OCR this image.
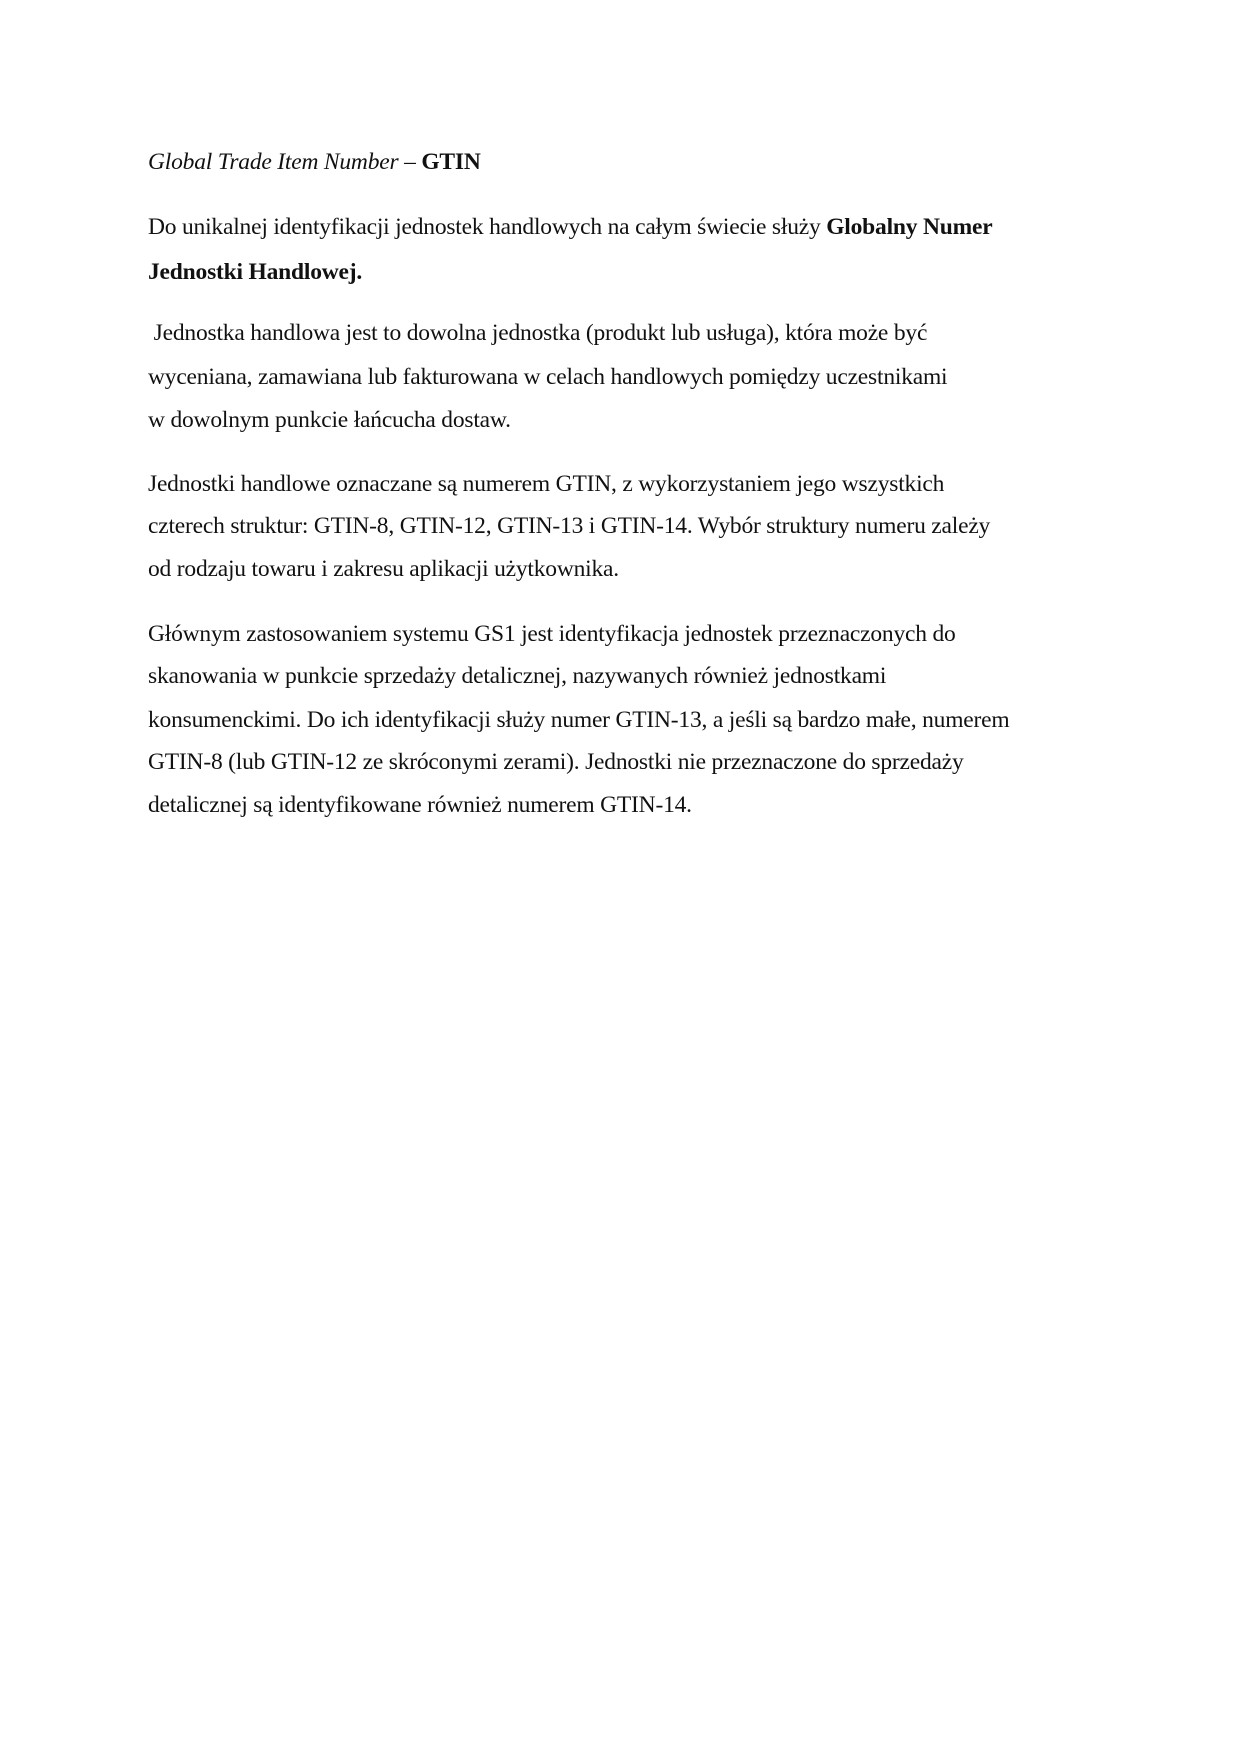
Global Trade Item Number – GTIN
Do unikalnej identyfikacji jednostek handlowych na całym świecie służy Globalny Numer
Jednostki Handlowej.
Jednostka handlowa jest to dowolna jednostka (produkt lub usługa), która może być
wyceniana, zamawiana lub fakturowana w celach handlowych pomiędzy uczestnikami
w dowolnym punkcie łańcucha dostaw.
Jednostki handlowe oznaczane są numerem GTIN, z wykorzystaniem jego wszystkich
czterech struktur: GTIN-8, GTIN-12, GTIN-13 i GTIN-14. Wybór struktury numeru zależy
od rodzaju towaru i zakresu aplikacji użytkownika.
Głównym zastosowaniem systemu GS1 jest identyfikacja jednostek przeznaczonych do
skanowania w punkcie sprzedaży detalicznej, nazywanych również jednostkami
konsumenckimi. Do ich identyfikacji służy numer GTIN-13, a jeśli są bardzo małe, numerem
GTIN-8 (lub GTIN-12 ze skróconymi zerami). Jednostki nie przeznaczone do sprzedaży
detalicznej są identyfikowane również numerem GTIN-14.
